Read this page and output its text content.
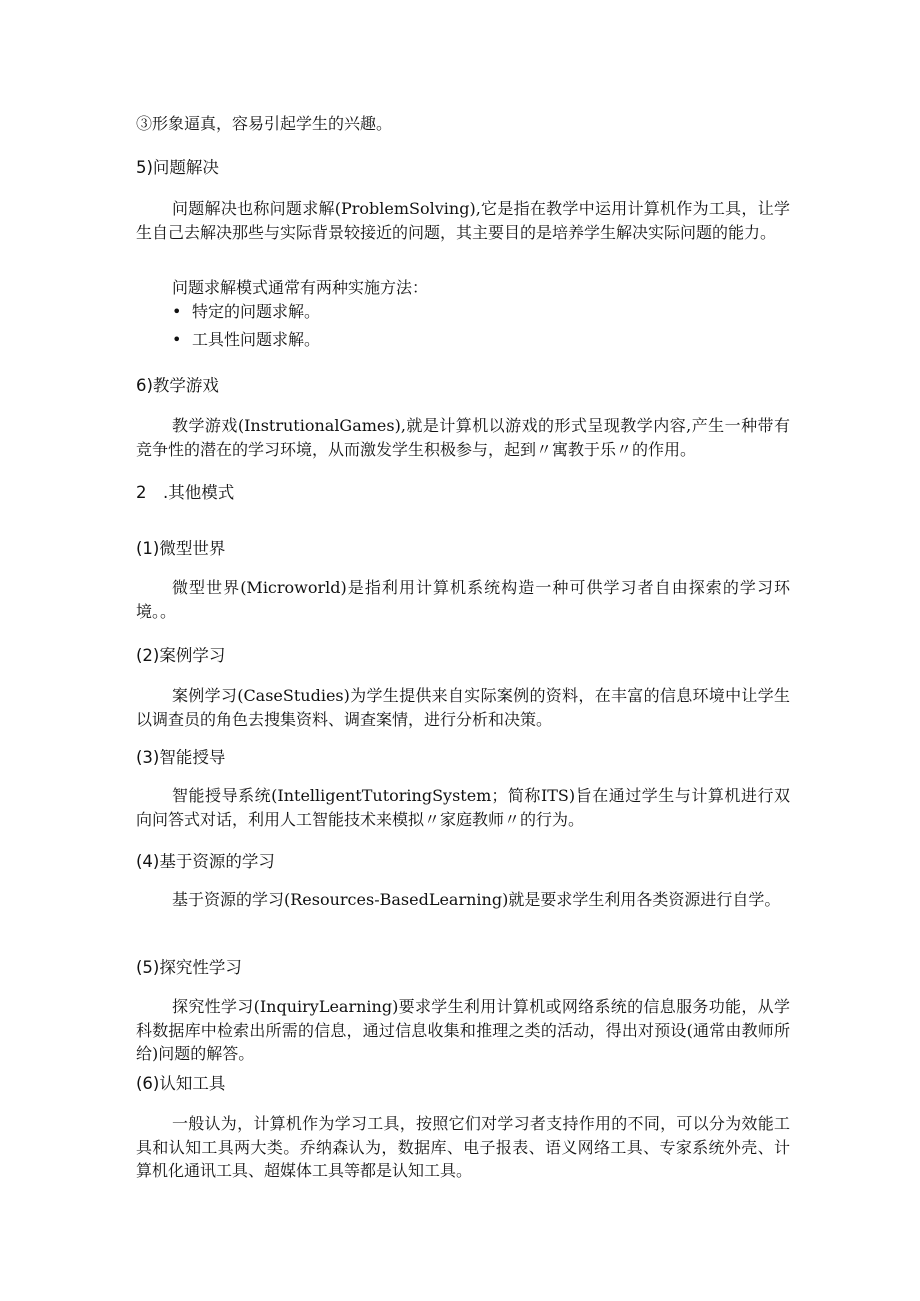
③形象逼真，容易引起学生的兴趣。

5)问题解决

问题解决也称问题求解(ProblemSolving),它是指在教学中运用计算机作为工具，让学生自己去解决那些与实际背景较接近的问题，其主要目的是培养学生解决实际问题的能力。

问题求解模式通常有两种实施方法：

• 特定的问题求解。
• 工具性问题求解。

6)教学游戏

教学游戏(InstrutionalGames),就是计算机以游戏的形式呈现教学内容,产生一种带有竞争性的潜在的学习环境，从而激发学生积极参与，起到〃寓教于乐〃的作用。

2　.其他模式

(1)微型世界

微型世界(Microworld)是指利用计算机系统构造一种可供学习者自由探索的学习环境。。

(2)案例学习

案例学习(CaseStudies)为学生提供来自实际案例的资料，在丰富的信息环境中让学生以调查员的角色去搜集资料、调查案情，进行分析和决策。

(3)智能授导

智能授导系统(IntelligentTutoringSystem；简称ITS)旨在通过学生与计算机进行双向问答式对话，利用人工智能技术来模拟〃家庭教师〃的行为。

(4)基于资源的学习

基于资源的学习(Resources-BasedLearning)就是要求学生利用各类资源进行自学。

(5)探究性学习

探究性学习(InquiryLearning)要求学生利用计算机或网络系统的信息服务功能，从学科数据库中检索出所需的信息，通过信息收集和推理之类的活动，得出对预设(通常由教师所给)问题的解答。

(6)认知工具

一般认为，计算机作为学习工具，按照它们对学习者支持作用的不同，可以分为效能工具和认知工具两大类。乔纳森认为，数据库、电子报表、语义网络工具、专家系统外壳、计算机化通讯工具、超媒体工具等都是认知工具。
